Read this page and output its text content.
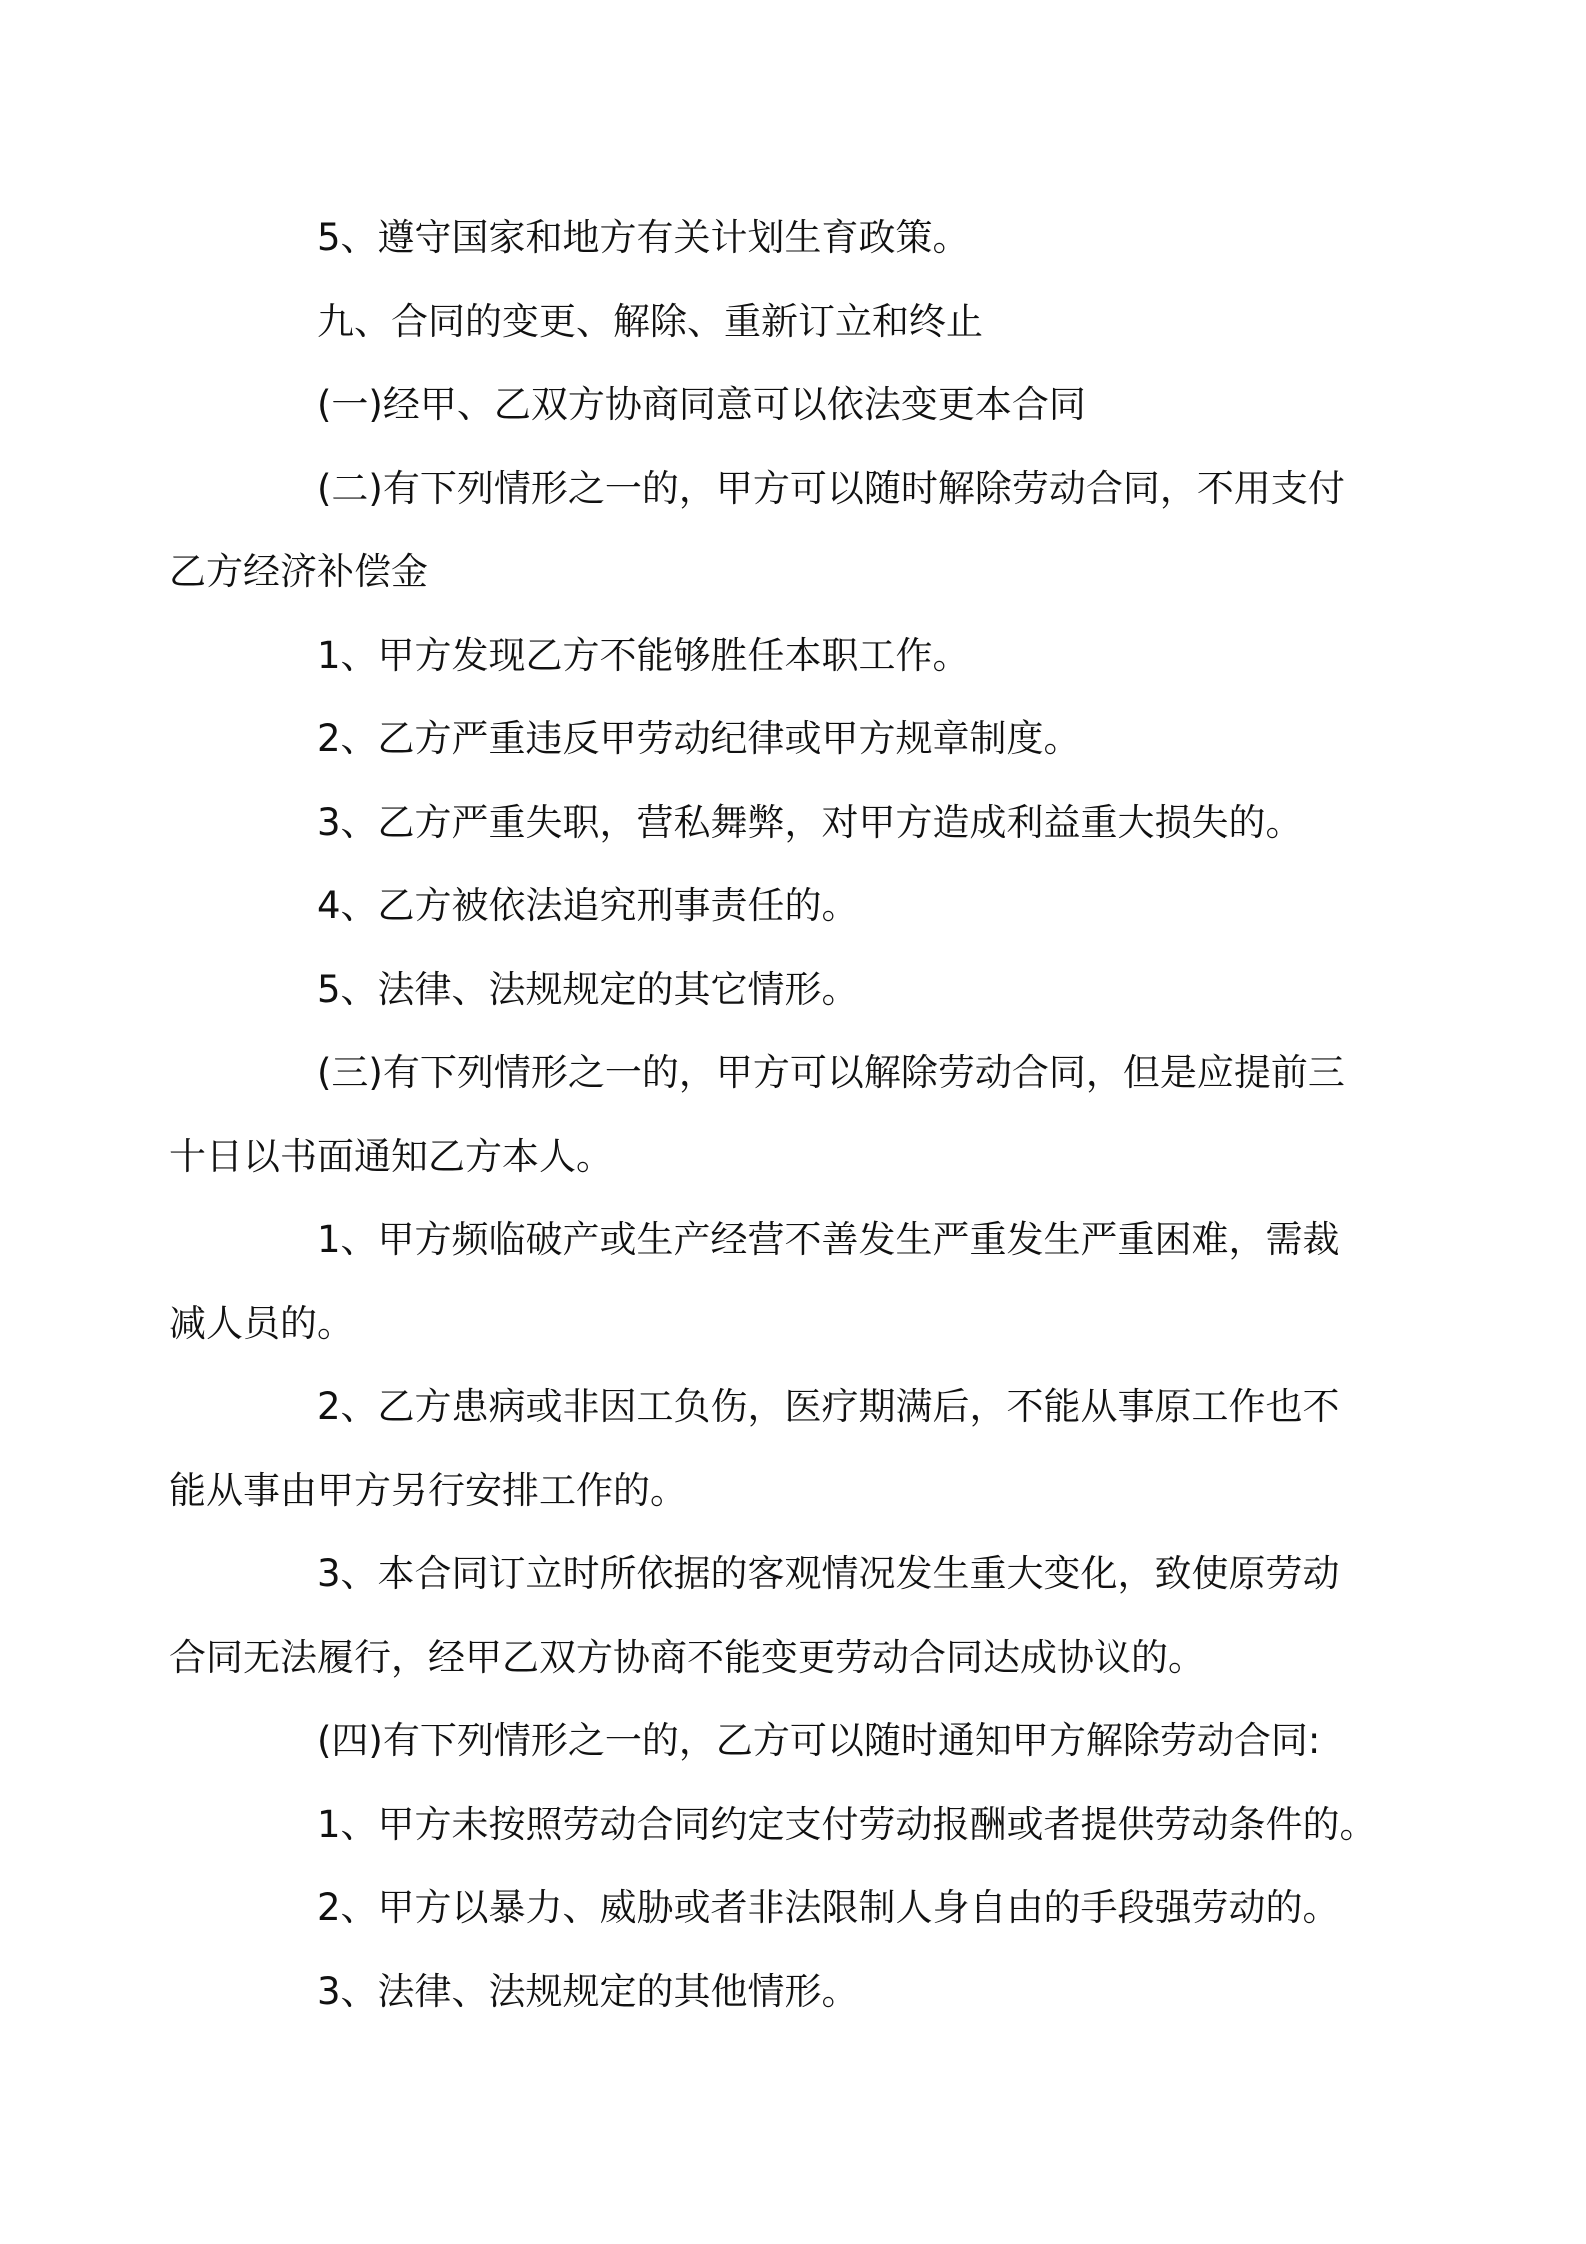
5、遵守国家和地方有关计划生育政策。

九、合同的变更、解除、重新订立和终止

(一)经甲、乙双方协商同意可以依法变更本合同

(二)有下列情形之一的，甲方可以随时解除劳动合同，不用支付
乙方经济补偿金

1、甲方发现乙方不能够胜任本职工作。

2、乙方严重违反甲劳动纪律或甲方规章制度。

3、乙方严重失职，营私舞弊，对甲方造成利益重大损失的。

4、乙方被依法追究刑事责任的。

5、法律、法规规定的其它情形。

(三)有下列情形之一的，甲方可以解除劳动合同，但是应提前三
十日以书面通知乙方本人。

1、甲方频临破产或生产经营不善发生严重发生严重困难，需裁
减人员的。

2、乙方患病或非因工负伤，医疗期满后，不能从事原工作也不
能从事由甲方另行安排工作的。

3、本合同订立时所依据的客观情况发生重大变化，致使原劳动
合同无法履行，经甲乙双方协商不能变更劳动合同达成协议的。

(四)有下列情形之一的，乙方可以随时通知甲方解除劳动合同:

1、甲方未按照劳动合同约定支付劳动报酬或者提供劳动条件的。

2、甲方以暴力、威胁或者非法限制人身自由的手段强劳动的。

3、法律、法规规定的其他情形。
